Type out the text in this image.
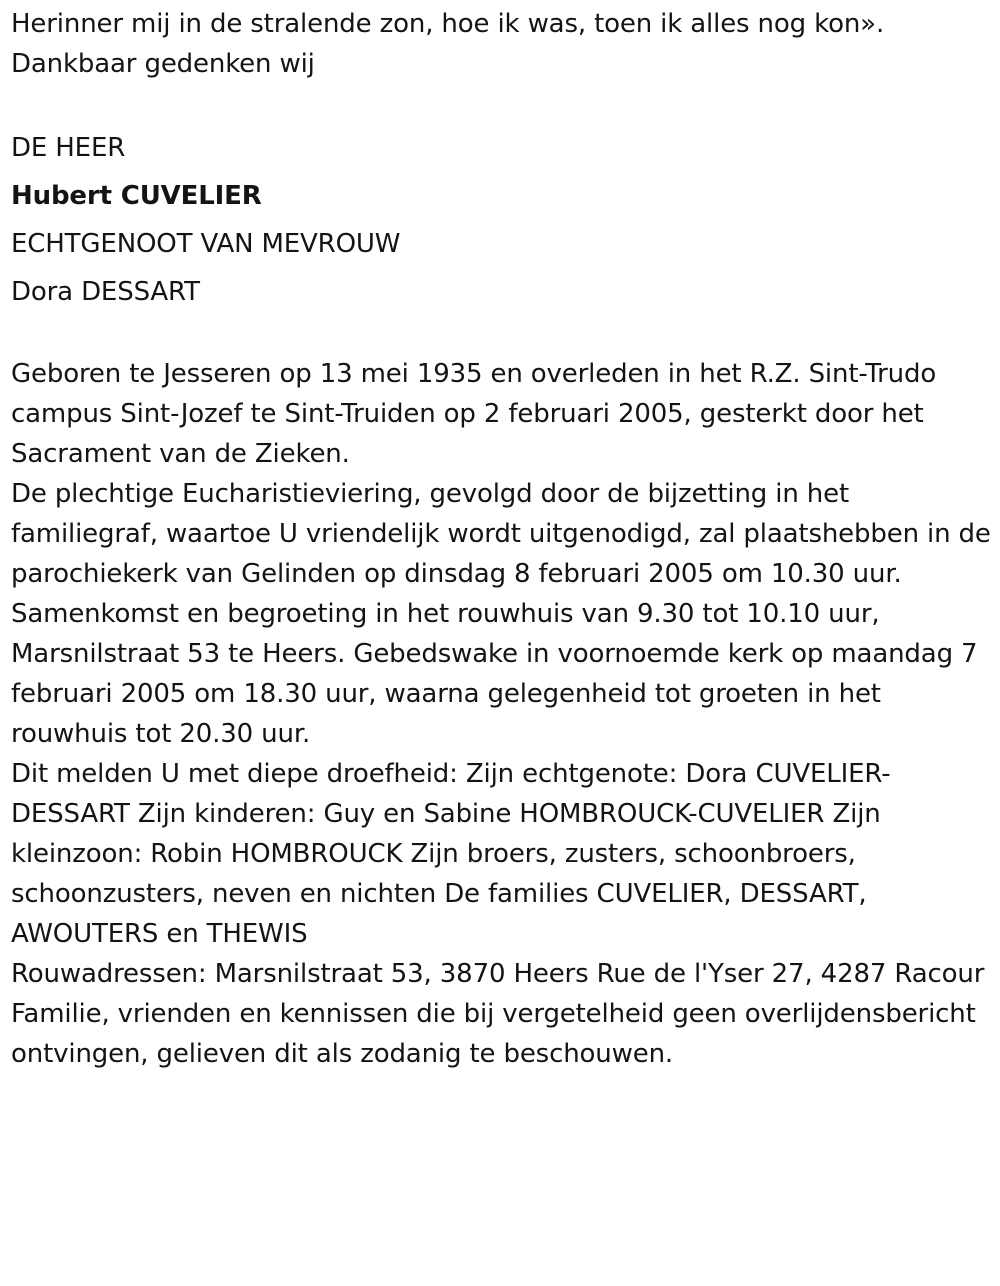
Herinner mij in de stralende zon, hoe ik was, toen ik alles nog kon».

Dankbaar gedenken wij

DE HEER

Hubert CUVELIER

ECHTGENOOT VAN MEVROUW

Dora DESSART

Geboren te Jesseren op 13 mei 1935 en overleden in het R.Z. Sint-Trudo campus Sint-Jozef te Sint-Truiden op 2 februari 2005, gesterkt door het Sacrament van de Zieken.

De plechtige Eucharistieviering, gevolgd door de bijzetting in het familiegraf, waartoe U vriendelijk wordt uitgenodigd, zal plaatshebben in de parochiekerk van Gelinden op dinsdag 8 februari 2005 om 10.30 uur. Samenkomst en begroeting in het rouwhuis van 9.30 tot 10.10 uur, Marsnilstraat 53 te Heers. Gebedswake in voornoemde kerk op maandag 7 februari 2005 om 18.30 uur, waarna gelegenheid tot groeten in het rouwhuis tot 20.30 uur.

Dit melden U met diepe droefheid: Zijn echtgenote: Dora CUVELIER-DESSART Zijn kinderen: Guy en Sabine HOMBROUCK-CUVELIER Zijn kleinzoon: Robin HOMBROUCK Zijn broers, zusters, schoonbroers, schoonzusters, neven en nichten De families CUVELIER, DESSART, AWOUTERS en THEWIS

Rouwadressen: Marsnilstraat 53, 3870 Heers Rue de l'Yser 27, 4287 Racour

Familie, vrienden en kennissen die bij vergetelheid geen overlijdensbericht ontvingen, gelieven dit als zodanig te beschouwen.
